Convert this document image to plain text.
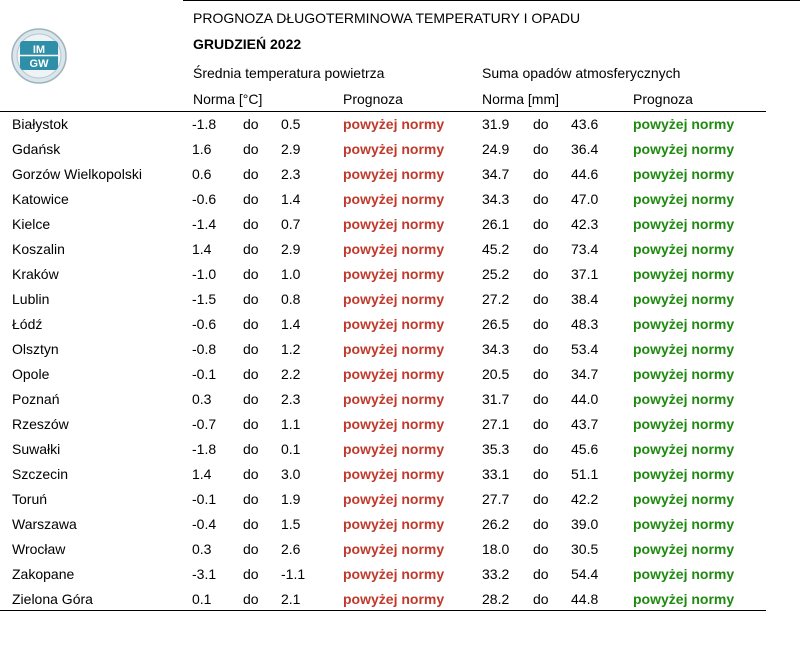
IM
GW
PROGNOZA DŁUGOTERMINOWA TEMPERATURY I OPADU
GRUDZIEŃ 2022
Średnia temperatura powietrza	Suma opadów atmosferycznych
Norma [°C]	Prognoza	Norma [mm]	Prognoza
Białystok	-1.8 do 0.5	powyżej normy	31.9 do 43.6 powyżej normy
Gdańsk	1.6 do 2.9	powyżej normy	24.9 do 36.4 powyżej normy
Gorzów Wielkopolski	0.6 do 2.3	powyżej normy	34.7 do 44.6 powyżej normy
Katowice	-0.6 do 1.4	powyżej normy	34.3 do 47.0 powyżej normy
Kielce	-1.4 do 0.7	powyżej normy	26.1 do 42.3 powyżej normy
Koszalin	1.4 do 2.9	powyżej normy	45.2 do 73.4 powyżej normy
Kraków	-1.0 do 1.0	powyżej normy	25.2 do 37.1 powyżej normy
Lublin	-1.5 do 0.8	powyżej normy	27.2 do 38.4 powyżej normy
Łódź	-0.6 do 1.4	powyżej normy	26.5 do 48.3 powyżej normy
Olsztyn	-0.8 do 1.2	powyżej normy	34.3 do 53.4 powyżej normy
Opole	-0.1 do 2.2	powyżej normy	20.5 do 34.7 powyżej normy
Poznań	0.3 do 2.3	powyżej normy	31.7 do 44.0 powyżej normy
Rzeszów	-0.7 do 1.1	powyżej normy	27.1 do 43.7 powyżej normy
Suwałki	-1.8 do 0.1	powyżej normy	35.3 do 45.6 powyżej normy
Szczecin	1.4 do 3.0	powyżej normy	33.1 do 51.1 powyżej normy
Toruń	-0.1 do 1.9	powyżej normy	27.7 do 42.2 powyżej normy
Warszawa	-0.4 do 1.5	powyżej normy	26.2 do 39.0 powyżej normy
Wrocław	0.3 do 2.6	powyżej normy	18.0 do 30.5 powyżej normy
Zakopane	-3.1 do -1.1	powyżej normy	33.2 do 54.4 powyżej normy
Zielona Góra	0.1 do 2.1	powyżej normy	28.2 do 44.8 powyżej normy
